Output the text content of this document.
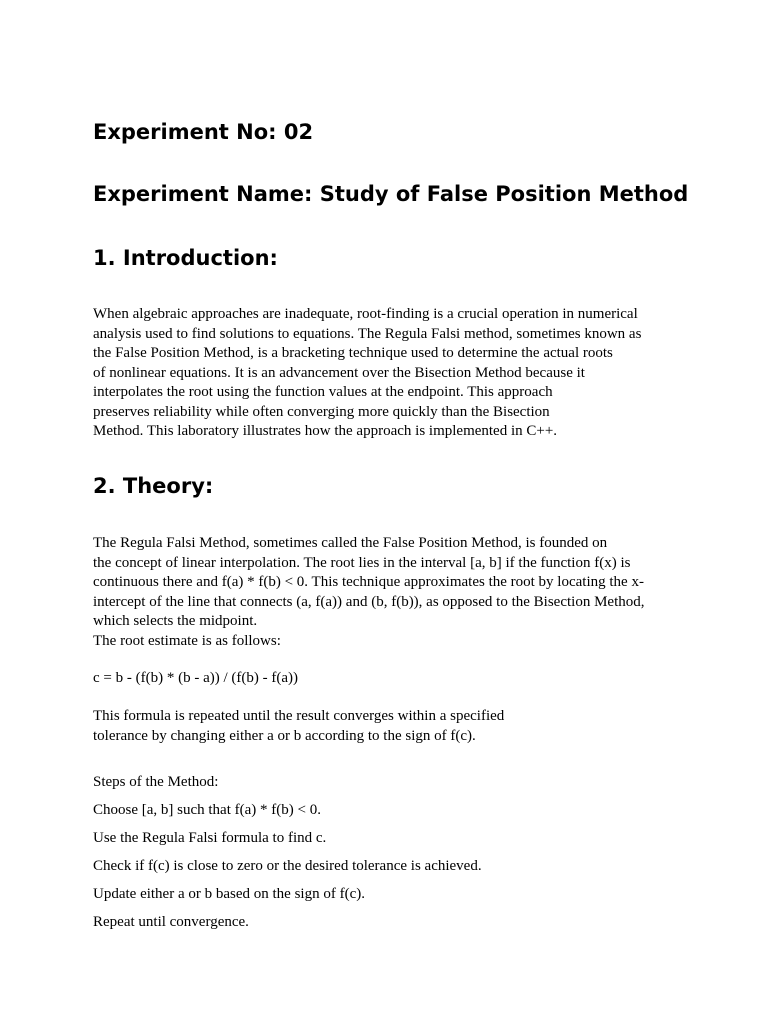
Experiment No: 02
Experiment Name: Study of False Position Method
1. Introduction:
When algebraic approaches are inadequate, root-finding is a crucial operation in numerical
analysis used to find solutions to equations. The Regula Falsi method, sometimes known as
the False Position Method, is a bracketing technique used to determine the actual roots
of nonlinear equations. It is an advancement over the Bisection Method because it
interpolates the root using the function values at the endpoint. This approach
preserves reliability while often converging more quickly than the Bisection
Method. This laboratory illustrates how the approach is implemented in C++.
2. Theory:
The Regula Falsi Method, sometimes called the False Position Method, is founded on
the concept of linear interpolation. The root lies in the interval [a, b] if the function f(x) is
continuous there and f(a) * f(b) < 0. This technique approximates the root by locating the x-
intercept of the line that connects (a, f(a)) and (b, f(b)), as opposed to the Bisection Method,
which selects the midpoint.
The root estimate is as follows:
c = b - (f(b) * (b - a)) / (f(b) - f(a))
This formula is repeated until the result converges within a specified
tolerance by changing either a or b according to the sign of f(c).
Steps of the Method:
Choose [a, b] such that f(a) * f(b) < 0.
Use the Regula Falsi formula to find c.
Check if f(c) is close to zero or the desired tolerance is achieved.
Update either a or b based on the sign of f(c).
Repeat until convergence.
